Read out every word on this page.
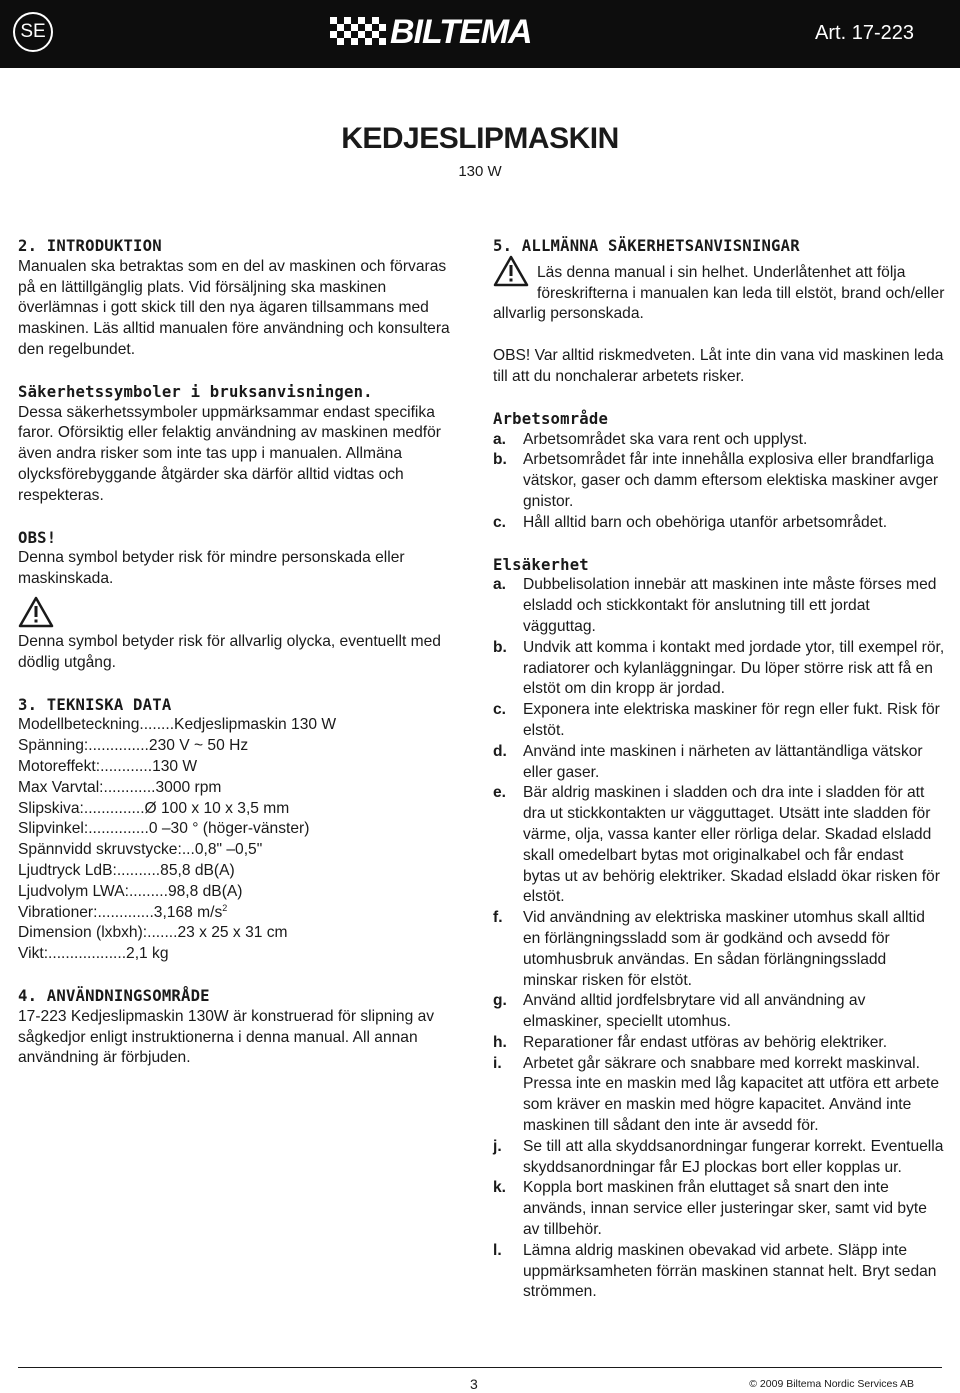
SE	BILTEMA	Art. 17-223
KEDJESLIPMASKIN
130 W
2. INTRODUKTION

Manualen ska betraktas som en del av maskinen och förvaras på en lättillgänglig plats. Vid försäljning ska maskinen överlämnas i gott skick till den nya ägaren tillsammans med maskinen. Läs alltid manualen före användning och konsultera den regelbundet.

Säkerhetssymboler i bruksanvisningen.

Dessa säkerhetssymboler uppmärksammar endast specifika faror. Oförsiktig eller felaktig användning av maskinen medför även andra risker som inte tas upp i manualen. Allmäna olycksförebyggande åtgärder ska därför alltid vidtas och respekteras.

OBS!

Denna symbol betyder risk för mindre personskada eller maskinskada.

Denna symbol betyder risk för allvarlig olycka, eventuellt med dödlig utgång.

3. TEKNISKA DATA
Modellbeteckning........Kedjeslipmaskin 130 W
Spänning:..............230 V ~ 50 Hz
Motoreffekt:............130 W
Max Varvtal:............3000 rpm
Slipskiva:..............Ø 100 x 10 x 3,5 mm
Slipvinkel:..............0 –30 ° (höger-vänster)
Spännvidd skruvstycke:...0,8" –0,5"
Ljudtryck LdB:..........85,8 dB(A)
Ljudvolym LWA:.........98,8 dB(A)
Vibrationer:.............3,168 $m/s^2$
Dimension (lxbxh):.......23 x 25 x 31 cm
Vikt:..................2,1 kg
4. ANVÄNDNINGSOMRÅDE

17-223 Kedjeslipmaskin 130W är konstruerad för slipning av sågkedjor enligt instruktionerna i denna manual. All annan användning är förbjuden.

5. ALLMÄNNA SÄKERHETSANVISNINGAR

Läs denna manual i sin helhet. Underlåtenhet att följa föreskrifterna i manualen kan leda till elstöt, brand och/eller allvarlig personskada.

OBS! Var alltid riskmedveten. Låt inte din vana vid maskinen leda till att du nonchalerar arbetets risker.

Arbetsområde
a.	Arbetsområdet ska vara rent och upplyst.
b.	Arbetsområdet får inte innehålla explosiva eller brandfarliga vätskor, gaser och damm eftersom elektiska maskiner avger gnistor.
c.	Håll alltid barn och obehöriga utanför arbetsområdet.
Elsäkerhet
a.	Dubbelisolation innebär att maskinen inte måste förses med elsladd och stickkontakt för anslutning till ett jordat vägguttag.
b.	Undvik att komma i kontakt med jordade ytor, till exempel rör, radiatorer och kylanläggningar. Du löper större risk att få en elstöt om din kropp är jordad.
c.	Exponera inte elektriska maskiner för regn eller fukt. Risk för elstöt.
d.	Använd inte maskinen i närheten av lättantändliga vätskor eller gaser.
e.	Bär aldrig maskinen i sladden och dra inte i sladden för att dra ut stickkontakten ur vägguttaget. Utsätt inte sladden för värme, olja, vassa kanter eller rörliga delar. Skadad elsladd skall omedelbart bytas mot originalkabel och får endast bytas ut av behörig elektriker. Skadad elsladd ökar risken för elstöt.
f.	Vid användning av elektriska maskiner utomhus skall alltid en förlängningssladd som är godkänd och avsedd för utomhusbruk användas. En sådan förlängningssladd minskar risken för elstöt.
g.	Använd alltid jordfelsbrytare vid all användning av elmaskiner, speciellt utomhus.
h.	Reparationer får endast utföras av behörig elektriker.
i.	Arbetet går säkrare och snabbare med korrekt maskinval. Pressa inte en maskin med låg kapacitet att utföra ett arbete som kräver en maskin med högre kapacitet. Använd inte maskinen till sådant den inte är avsedd för.
j.	Se till att alla skyddsanordningar fungerar korrekt. Eventuella skyddsanordningar får EJ plockas bort eller kopplas ur.
k.	Koppla bort maskinen från eluttaget så snart den inte används, innan service eller justeringar sker, samt vid byte av tillbehör.
l.	Lämna aldrig maskinen obevakad vid arbete. Släpp inte uppmärksamheten förrän maskinen stannat helt. Bryt sedan strömmen.
3	© 2009 Biltema Nordic Services AB
